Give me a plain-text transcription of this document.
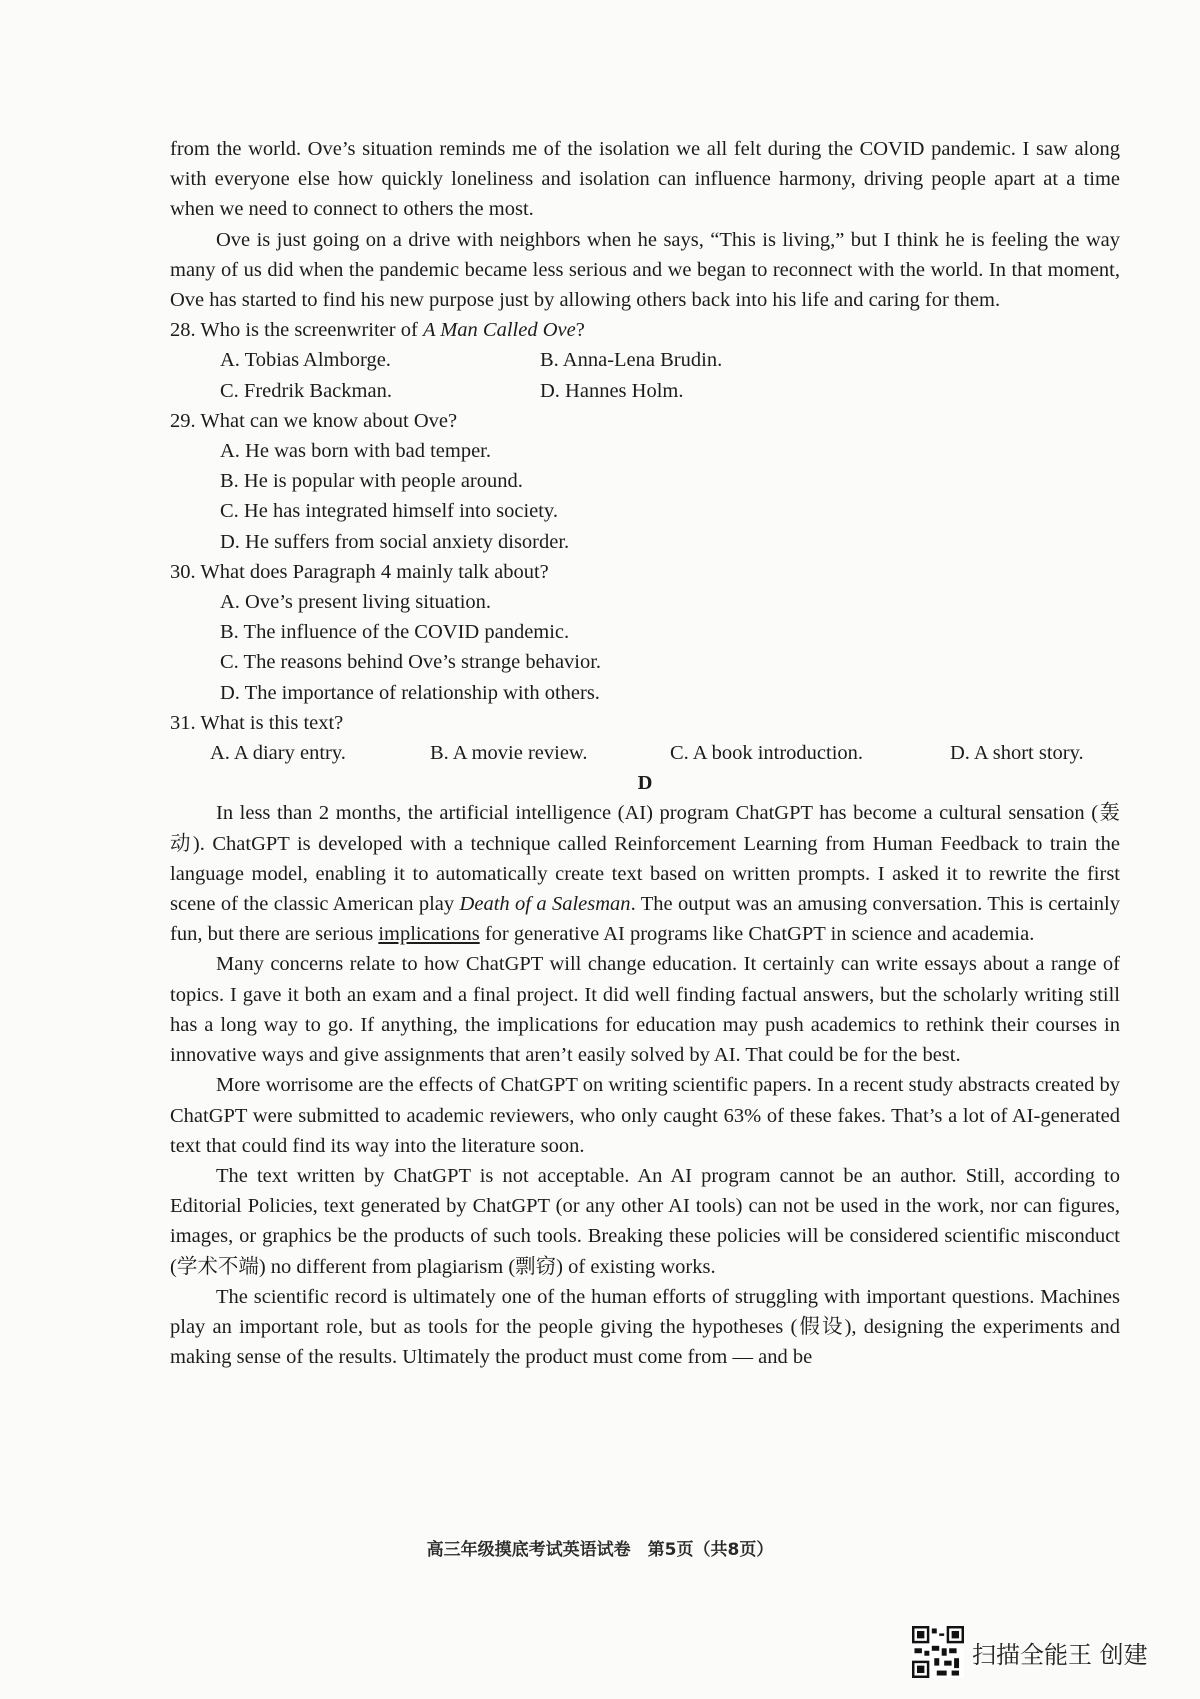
from the world. Ove’s situation reminds me of the isolation we all felt during the COVID pandemic. I saw along with everyone else how quickly loneliness and isolation can influence harmony, driving people apart at a time when we need to connect to others the most.

Ove is just going on a drive with neighbors when he says, “This is living,” but I think he is feeling the way many of us did when the pandemic became less serious and we began to reconnect with the world. In that moment, Ove has started to find his new purpose just by allowing others back into his life and caring for them.

28. Who is the screenwriter of A Man Called Ove?

A. Tobias Almborge.	B. Anna-Lena Brudin.
C. Fredrik Backman.	D. Hannes Holm.

29. What can we know about Ove?

A. He was born with bad temper.

B. He is popular with people around.

C. He has integrated himself into society.

D. He suffers from social anxiety disorder.

30. What does Paragraph 4 mainly talk about?

A. Ove’s present living situation.

B. The influence of the COVID pandemic.

C. The reasons behind Ove’s strange behavior.

D. The importance of relationship with others.

31. What is this text?

A. A diary entry.	B. A movie review.	C. A book introduction.	D. A short story.

D

In less than 2 months, the artificial intelligence (AI) program ChatGPT has become a cultural sensation (轰动). ChatGPT is developed with a technique called Reinforcement Learning from Human Feedback to train the language model, enabling it to automatically create text based on written prompts. I asked it to rewrite the first scene of the classic American play Death of a Salesman. The output was an amusing conversation. This is certainly fun, but there are serious implications for generative AI programs like ChatGPT in science and academia.

Many concerns relate to how ChatGPT will change education. It certainly can write essays about a range of topics. I gave it both an exam and a final project. It did well finding factual answers, but the scholarly writing still has a long way to go. If anything, the implications for education may push academics to rethink their courses in innovative ways and give assignments that aren’t easily solved by AI. That could be for the best.

More worrisome are the effects of ChatGPT on writing scientific papers. In a recent study abstracts created by ChatGPT were submitted to academic reviewers, who only caught 63% of these fakes. That’s a lot of AI-generated text that could find its way into the literature soon.

The text written by ChatGPT is not acceptable. An AI program cannot be an author. Still, according to Editorial Policies, text generated by ChatGPT (or any other AI tools) can not be used in the work, nor can figures, images, or graphics be the products of such tools. Breaking these policies will be considered scientific misconduct (学术不端) no different from plagiarism (剽窃) of existing works.

The scientific record is ultimately one of the human efforts of struggling with important questions. Machines play an important role, but as tools for the people giving the hypotheses (假设), designing the experiments and making sense of the results. Ultimately the product must come from — and be

高三年级摸底考试英语试卷　第5页（共8页）
扫描全能王 创建
